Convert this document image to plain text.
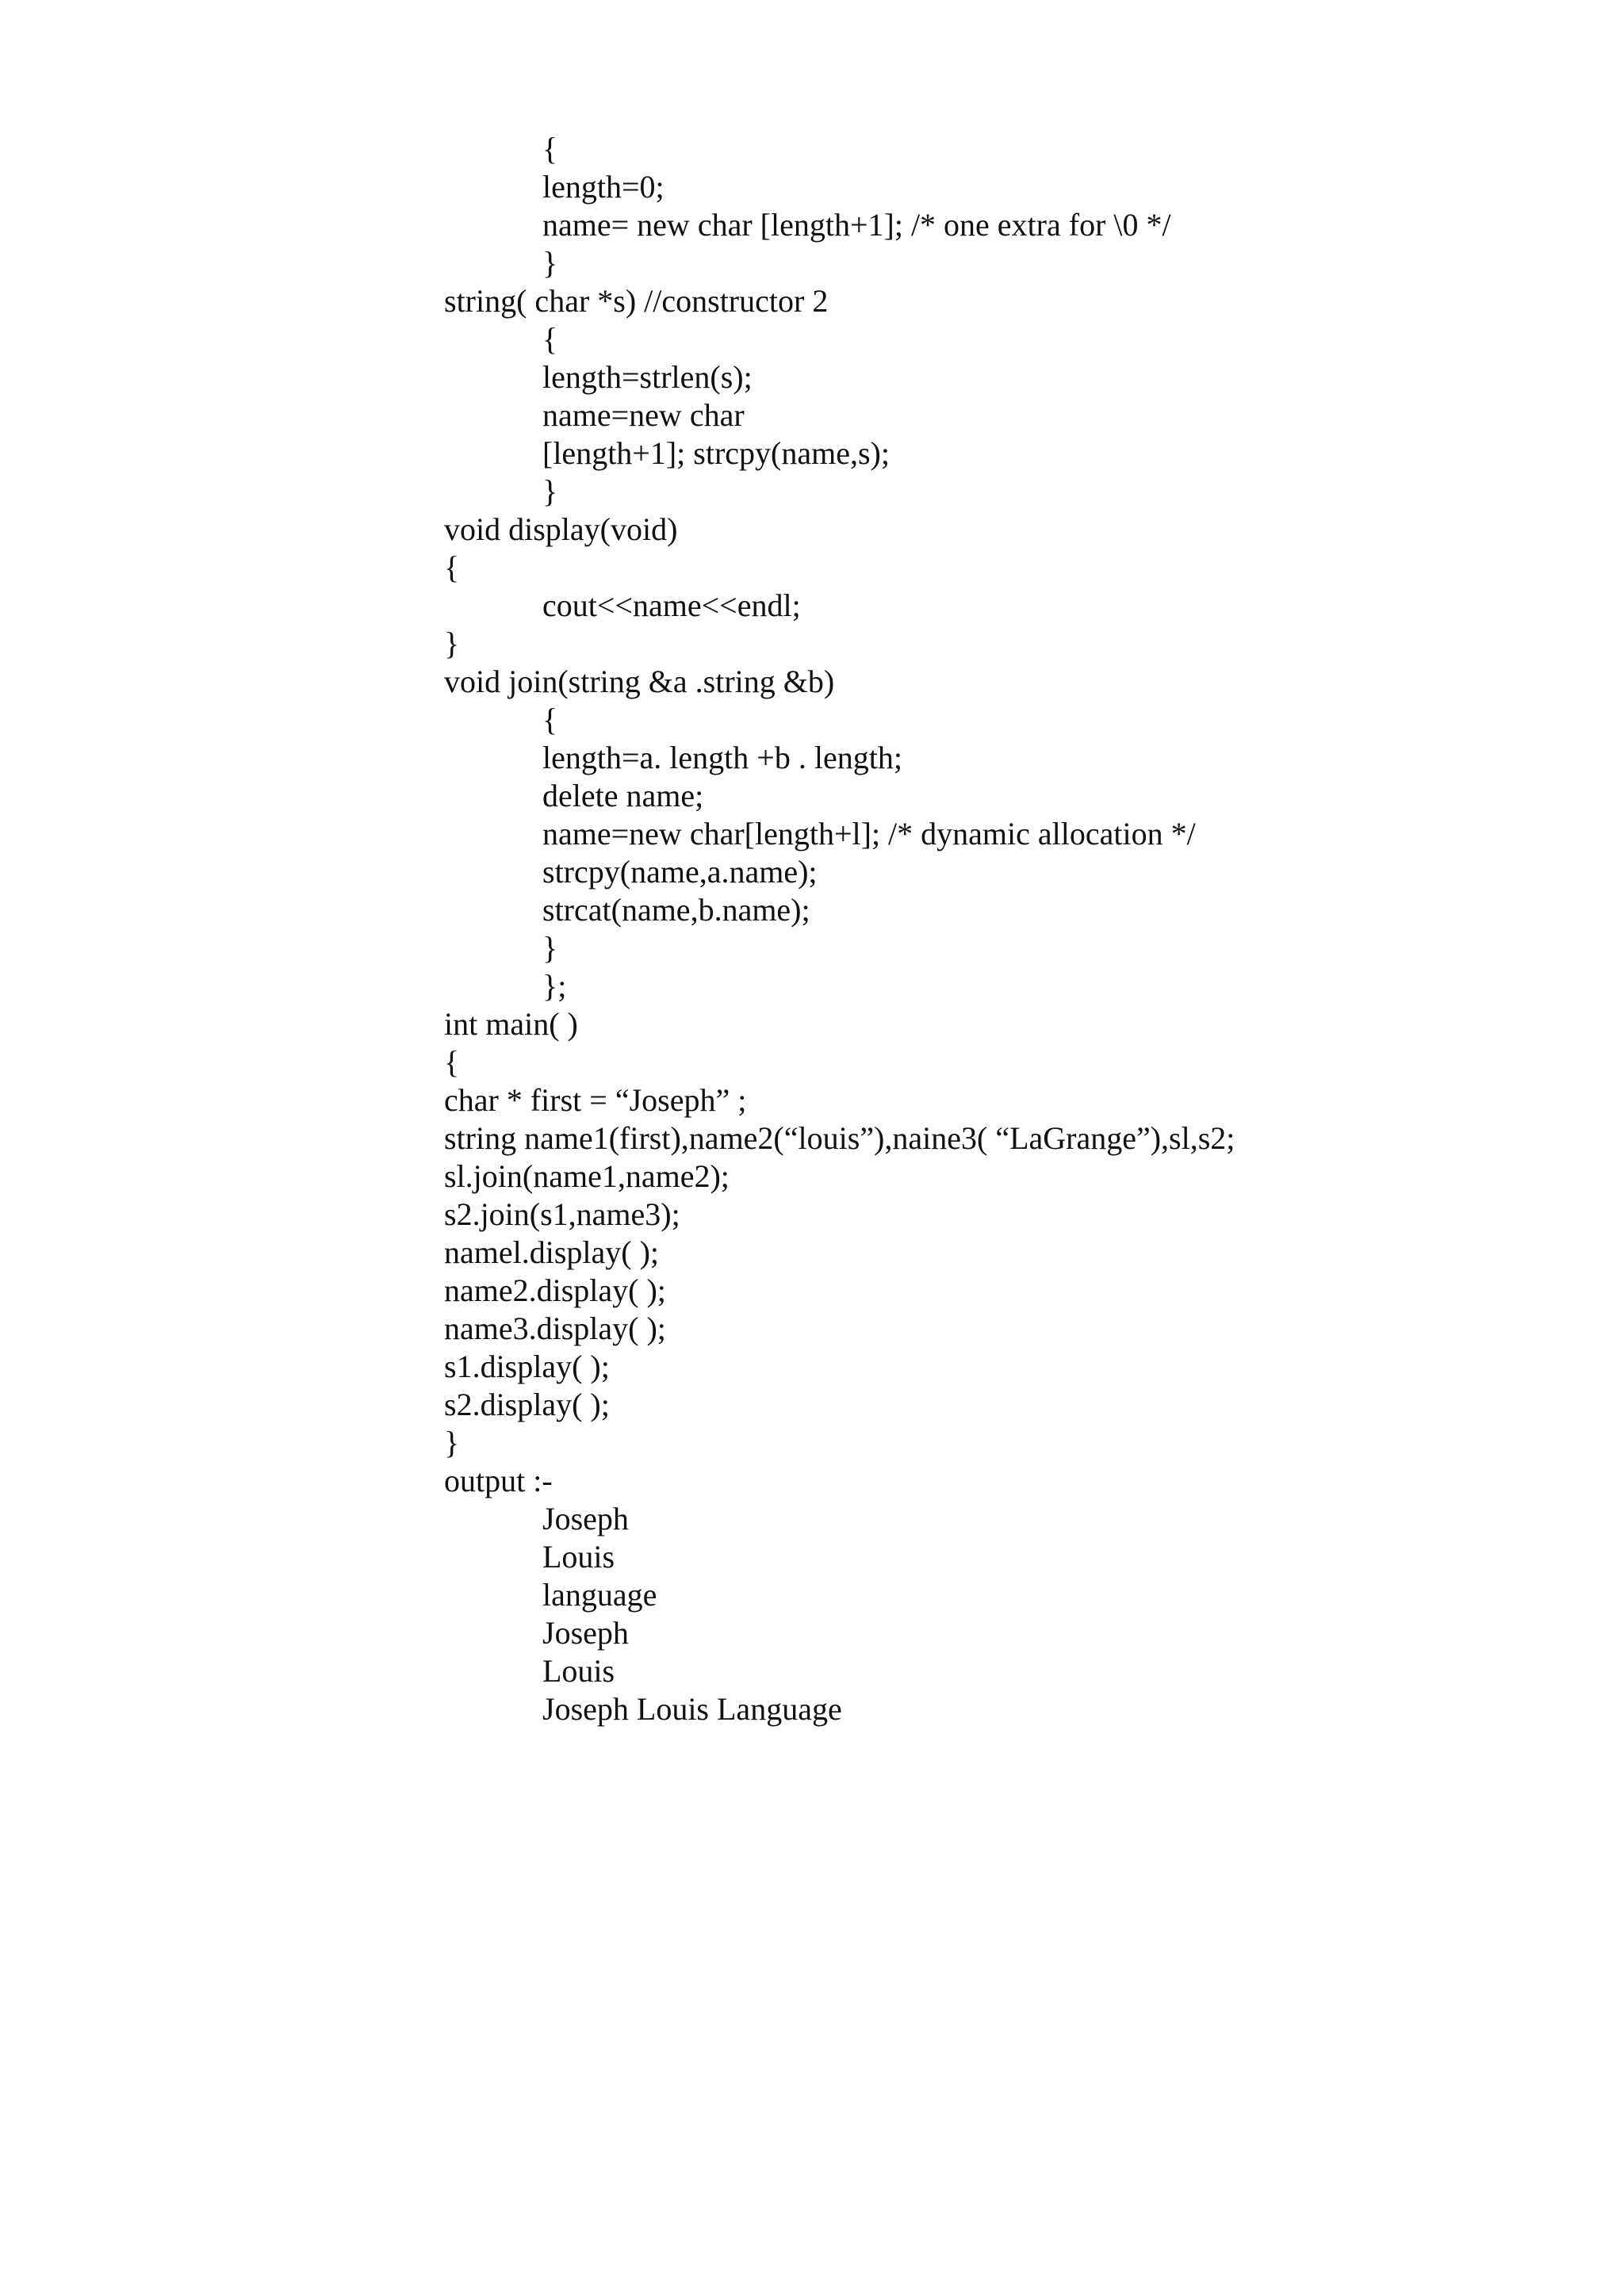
{
length=0;
name= new char [length+1]; /* one extra for \0 */
}
string( char *s) //constructor 2
{
length=strlen(s);
name=new char
[length+1]; strcpy(name,s);
}
void display(void)
{
cout<<name<<endl;
}
void join(string &a .string &b)
{
length=a. length +b . length;
delete name;
name=new char[length+l]; /* dynamic allocation */
strcpy(name,a.name);
strcat(name,b.name);
}
};
int main( )
{
char * first = “Joseph” ;
string name1(first),name2(“louis”),naine3( “LaGrange”),sl,s2;
sl.join(name1,name2);
s2.join(s1,name3);
namel.display( );
name2.display( );
name3.display( );
s1.display( );
s2.display( );
}
output :-
Joseph
Louis
language
Joseph
Louis
Joseph Louis Language
